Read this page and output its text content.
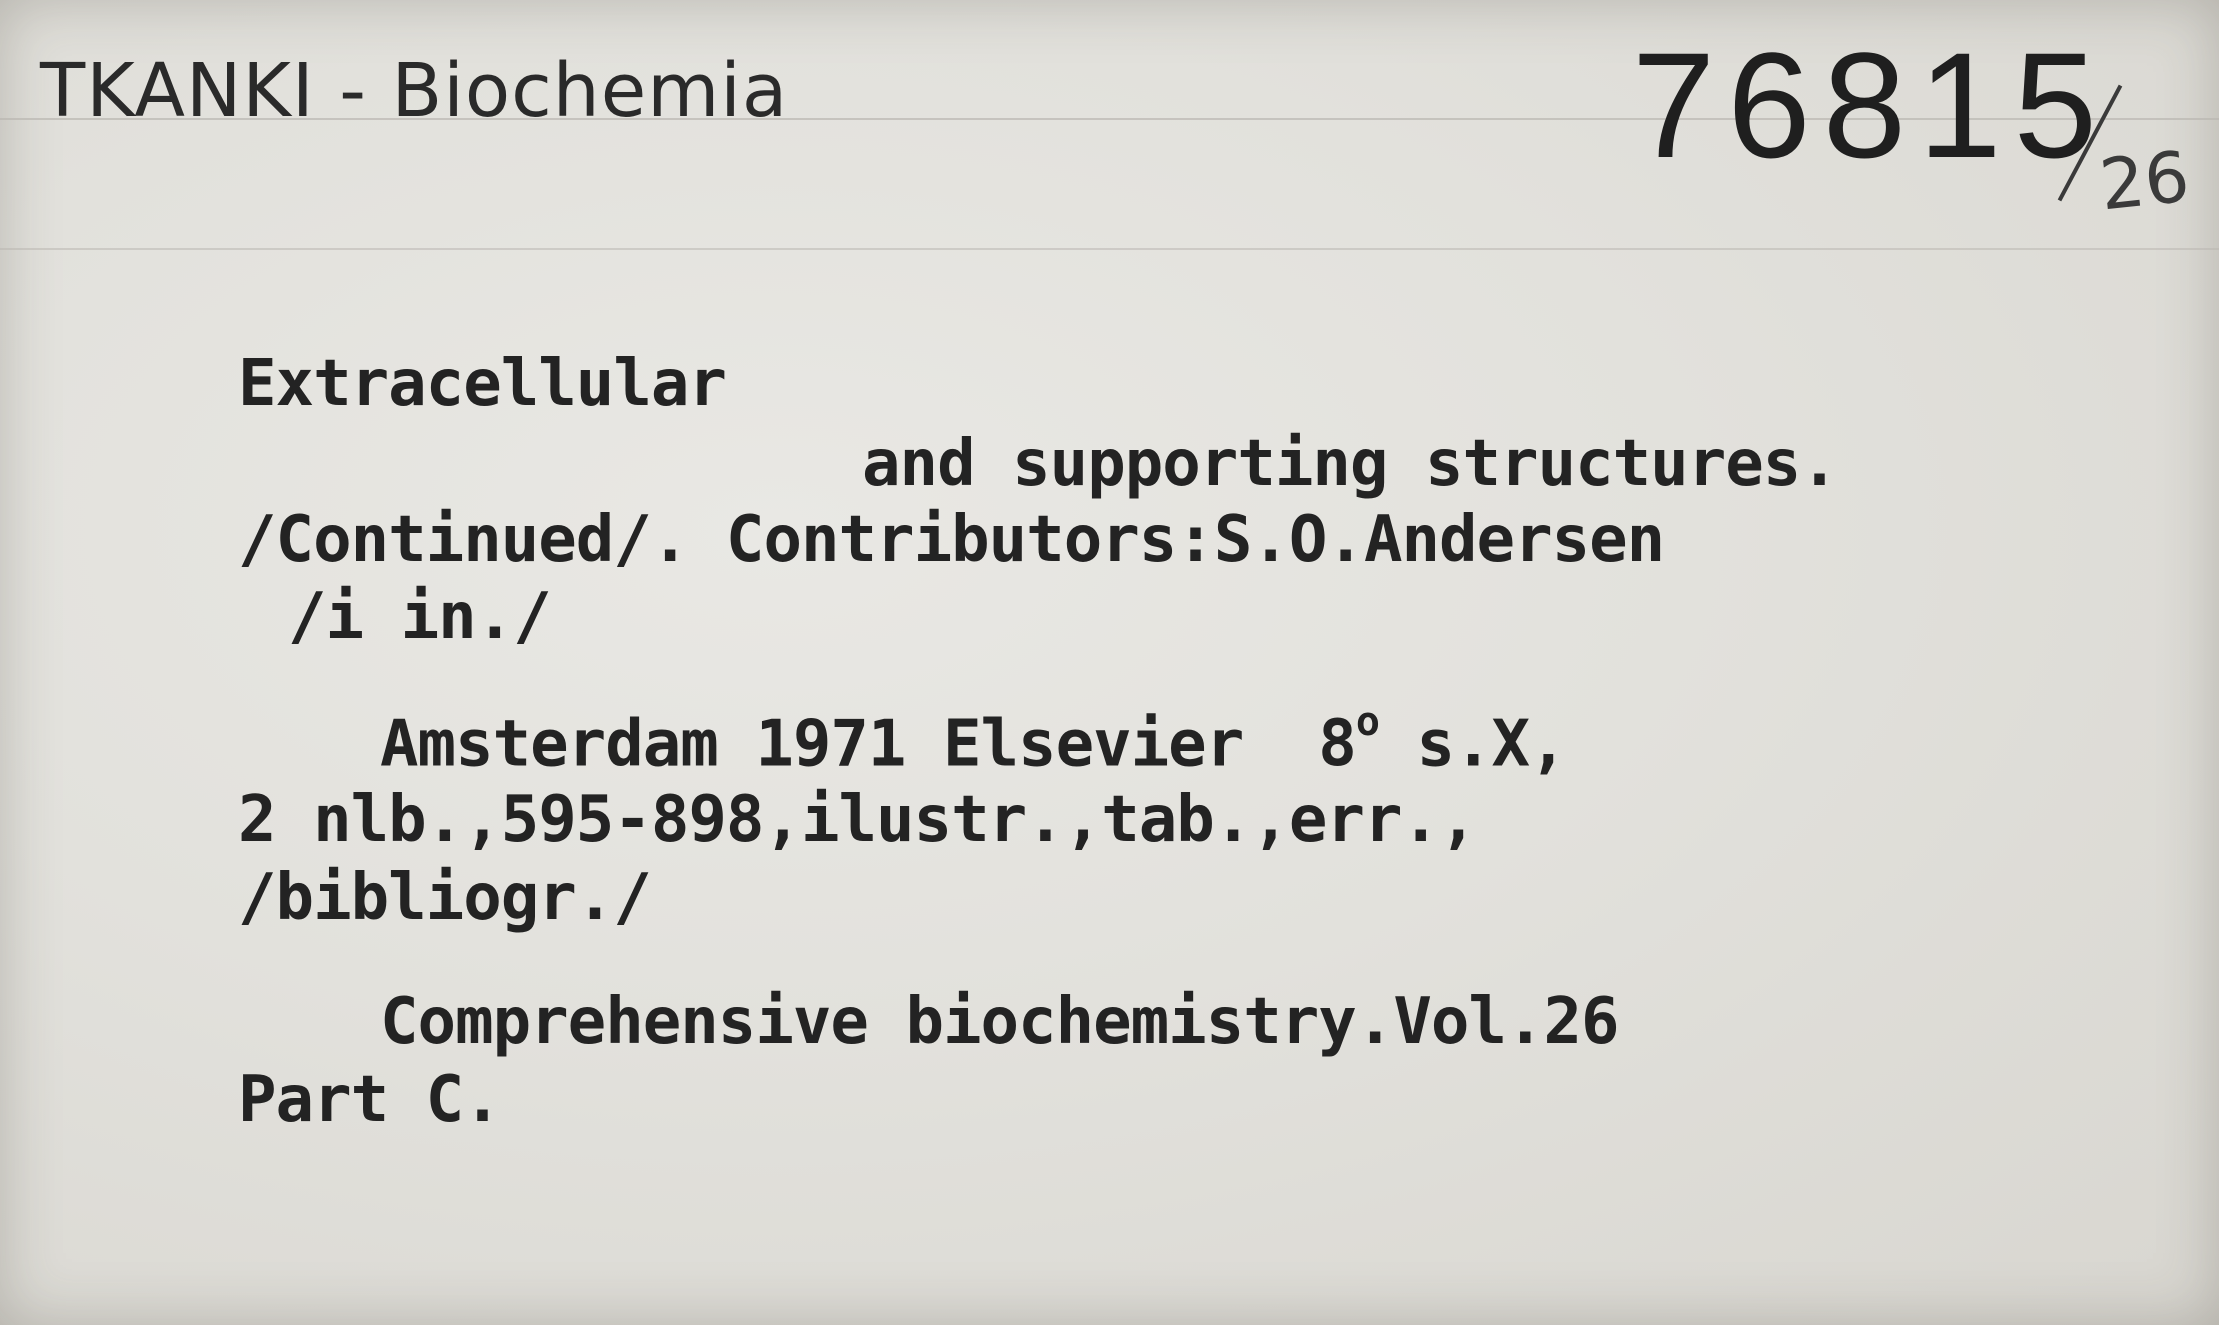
TKANKI - Biochemia	76815
26
Extracellular
and supporting structures.
/Continued/. Contributors:S.O.Andersen
/i in./
Amsterdam 1971 Elsevier 8$^o$ s.X,
2 nlb.,595-898,ilustr.,tab.,err.,
/bibliogr./
Comprehensive biochemistry.Vol.26
Part C.
